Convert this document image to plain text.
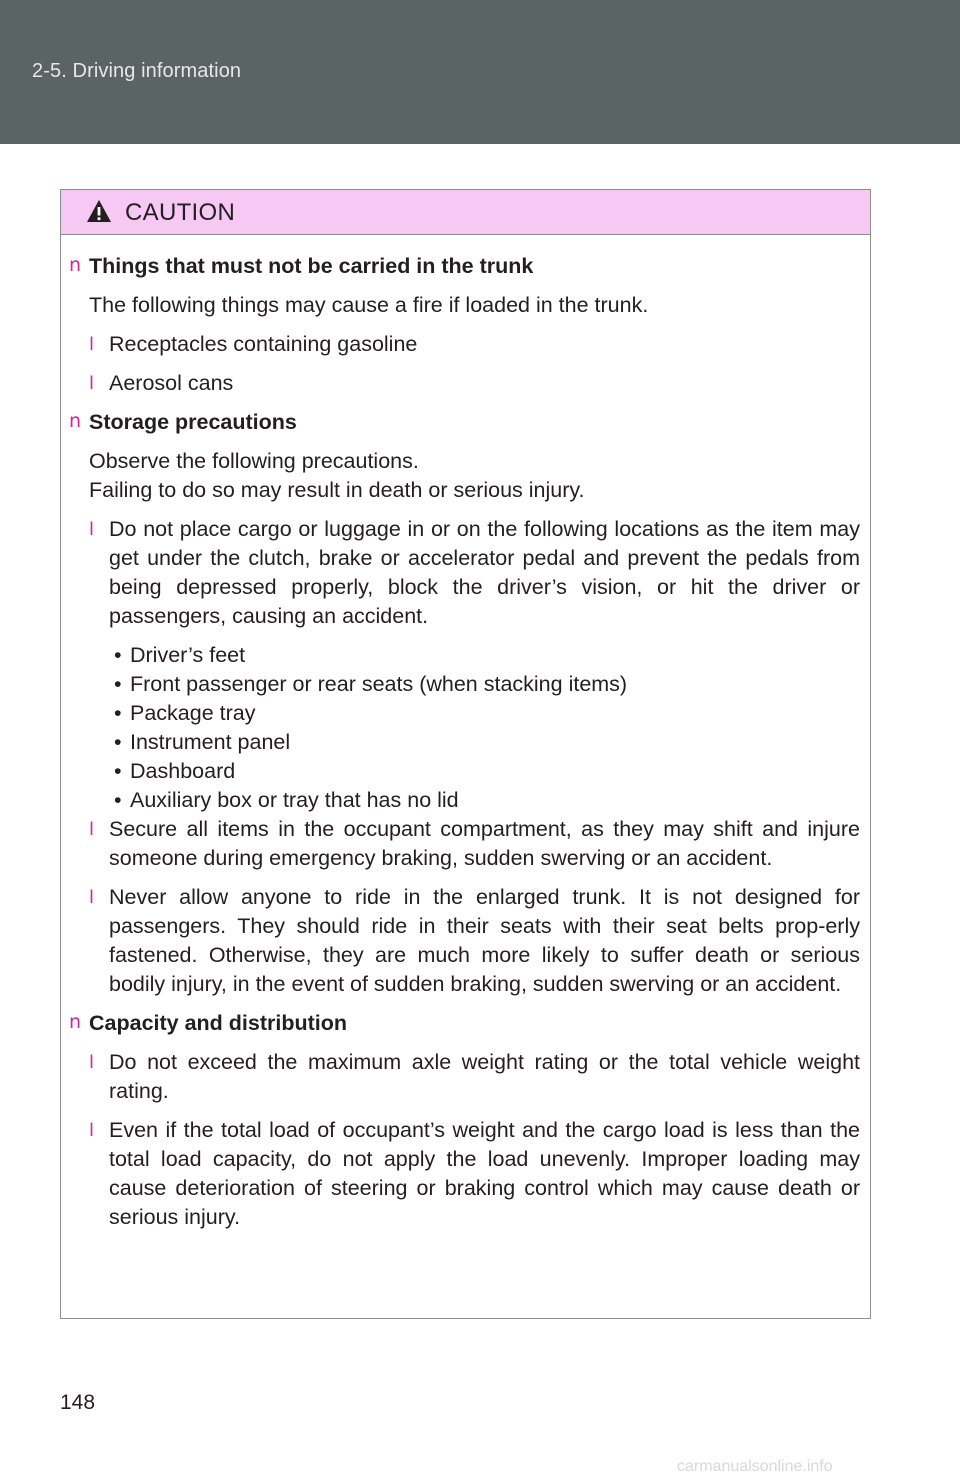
2-5. Driving information
CAUTION
n Things that must not be carried in the trunk
The following things may cause a fire if loaded in the trunk.
l Receptacles containing gasoline
l Aerosol cans
n Storage precautions
Observe the following precautions.
Failing to do so may result in death or serious injury.
l Do not place cargo or luggage in or on the following locations as the item may get under the clutch, brake or accelerator pedal and prevent the pedals from being depressed properly, block the driver’s vision, or hit the driver or passengers, causing an accident.
• Driver’s feet
• Front passenger or rear seats (when stacking items)
• Package tray
• Instrument panel
• Dashboard
• Auxiliary box or tray that has no lid
l Secure all items in the occupant compartment, as they may shift and injure someone during emergency braking, sudden swerving or an accident.
l Never allow anyone to ride in the enlarged trunk. It is not designed for passengers. They should ride in their seats with their seat belts prop-erly fastened. Otherwise, they are much more likely to suffer death or serious bodily injury, in the event of sudden braking, sudden swerving or an accident.
n Capacity and distribution
l Do not exceed the maximum axle weight rating or the total vehicle weight rating.
l Even if the total load of occupant’s weight and the cargo load is less than the total load capacity, do not apply the load unevenly. Improper loading may cause deterioration of steering or braking control which may cause death or serious injury.
148
carmanualsonline.info
